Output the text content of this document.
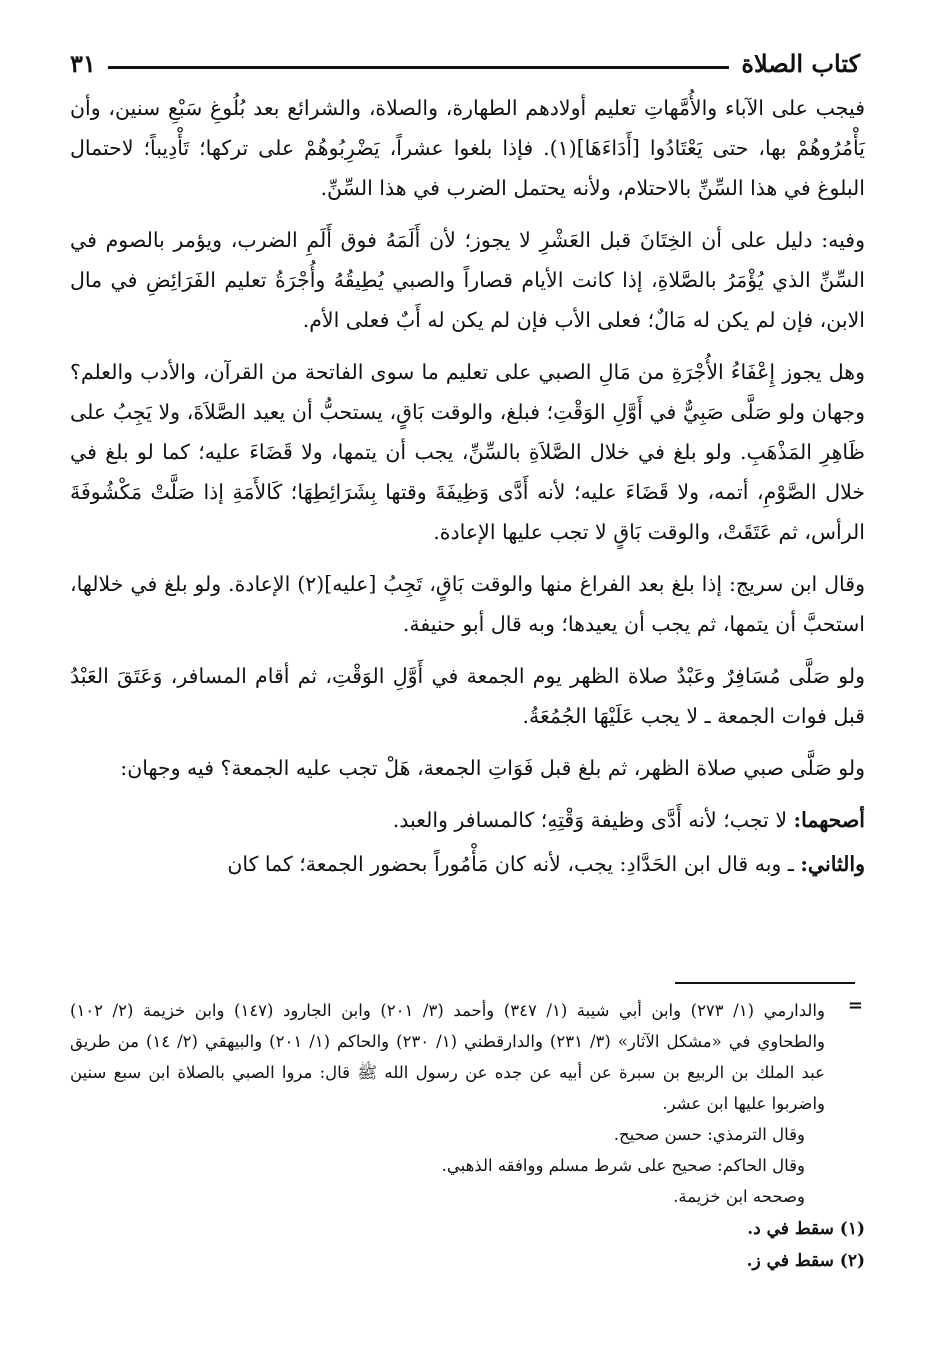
كتاب الصلاة
٣١

فيجب على الآباء والأُمَّهاتِ تعليم أولادهم الطهارة، والصلاة، والشرائع بعد بُلُوغِ سَبْعِ سنين، وأن يَأْمُرُوهُمْ بها، حتى يَعْتَادُوا [أَدَاءَهَا](١). فإذا بلغوا عشراً، يَضْرِبُوهُمْ على تركها؛ تَأْدِيباً؛ لاحتمال البلوغ في هذا السِّنِّ بالاحتلام، ولأنه يحتمل الضرب في هذا السِّنِّ.

وفيه: دليل على أن الخِتَانَ قبل العَشْرِ لا يجوز؛ لأن أَلَمَهُ فوق أَلَمِ الضرب، ويؤمر بالصوم في السِّنِّ الذي يُؤْمَرُ بالصَّلاةِ، إذا كانت الأيام قصاراً والصبي يُطِيقُهُ وأُجْرَةُ تعليم الفَرَائِضِ في مال الابن، فإن لم يكن له مَالٌ؛ فعلى الأب فإن لم يكن له أَبٌ فعلى الأم.

وهل يجوز إِعْفَاءُ الأُجْرَةِ من مَالِ الصبي على تعليم ما سوى الفاتحة من القرآن، والأدب والعلم؟ وجهان ولو صَلَّى صَبِيٌّ في أَوَّلِ الوَقْتِ؛ فبلغ، والوقت بَاقٍ، يستحبُّ أن يعيد الصَّلاَةَ، ولا يَجِبُ على ظَاهِرِ المَذْهَبِ. ولو بلغ في خلال الصَّلاَةِ بالسِّنِّ، يجب أن يتمها، ولا قَضَاءَ عليه؛ كما لو بلغ في خلال الصَّوْمِ، أتمه، ولا قَضَاءَ عليه؛ لأنه أَدَّى وَظِيفَةَ وقتها بِشَرَائِطِهَا؛ كَالأَمَةِ إذا صَلَّتْ مَكْشُوفَةَ الرأس، ثم عَتَقَتْ، والوقت بَاقٍ لا تجب عليها الإعادة.

وقال ابن سريج: إذا بلغ بعد الفراغ منها والوقت بَاقٍ، تَجِبُ [عليه](٢) الإعادة. ولو بلغ في خلالها، استحبَّ أن يتمها، ثم يجب أن يعيدها؛ وبه قال أبو حنيفة.

ولو صَلَّى مُسَافِرٌ وعَبْدٌ صلاة الظهر يوم الجمعة في أَوَّلِ الوَقْتِ، ثم أقام المسافر، وَعَتَقَ العَبْدُ قبل فوات الجمعة ـ لا يجب عَلَيْهَا الجُمُعَةُ.

ولو صَلَّى صبي صلاة الظهر، ثم بلغ قبل فَوَاتِ الجمعة، هَلْ تجب عليه الجمعة؟ فيه وجهان:

أصحهما: لا تجب؛ لأنه أَدَّى وظيفة وَقْتِهِ؛ كالمسافر والعبد.

والثاني: ـ وبه قال ابن الحَدَّادِ: يجب، لأنه كان مَأْمُوراً بحضور الجمعة؛ كما كان

=

والدارمي (١/ ٢٧٣) وابن أبي شيبة (١/ ٣٤٧) وأحمد (٣/ ٢٠١) وابن الجارود (١٤٧) وابن خزيمة (٢/ ١٠٢) والطحاوي في «مشكل الآثار» (٣/ ٢٣١) والدارقطني (١/ ٢٣٠) والحاكم (١/ ٢٠١) والبيهقي (٢/ ١٤) من طريق عبد الملك بن الربيع بن سبرة عن أبيه عن جده عن رسول الله ﷺ قال: مروا الصبي بالصلاة ابن سبع سنين واضربوا عليها ابن عشر.

وقال الترمذي: حسن صحيح.

وقال الحاكم: صحيح على شرط مسلم ووافقه الذهبي.

وصححه ابن خزيمة.

(١) سقط في د.

(٢) سقط في ز.
